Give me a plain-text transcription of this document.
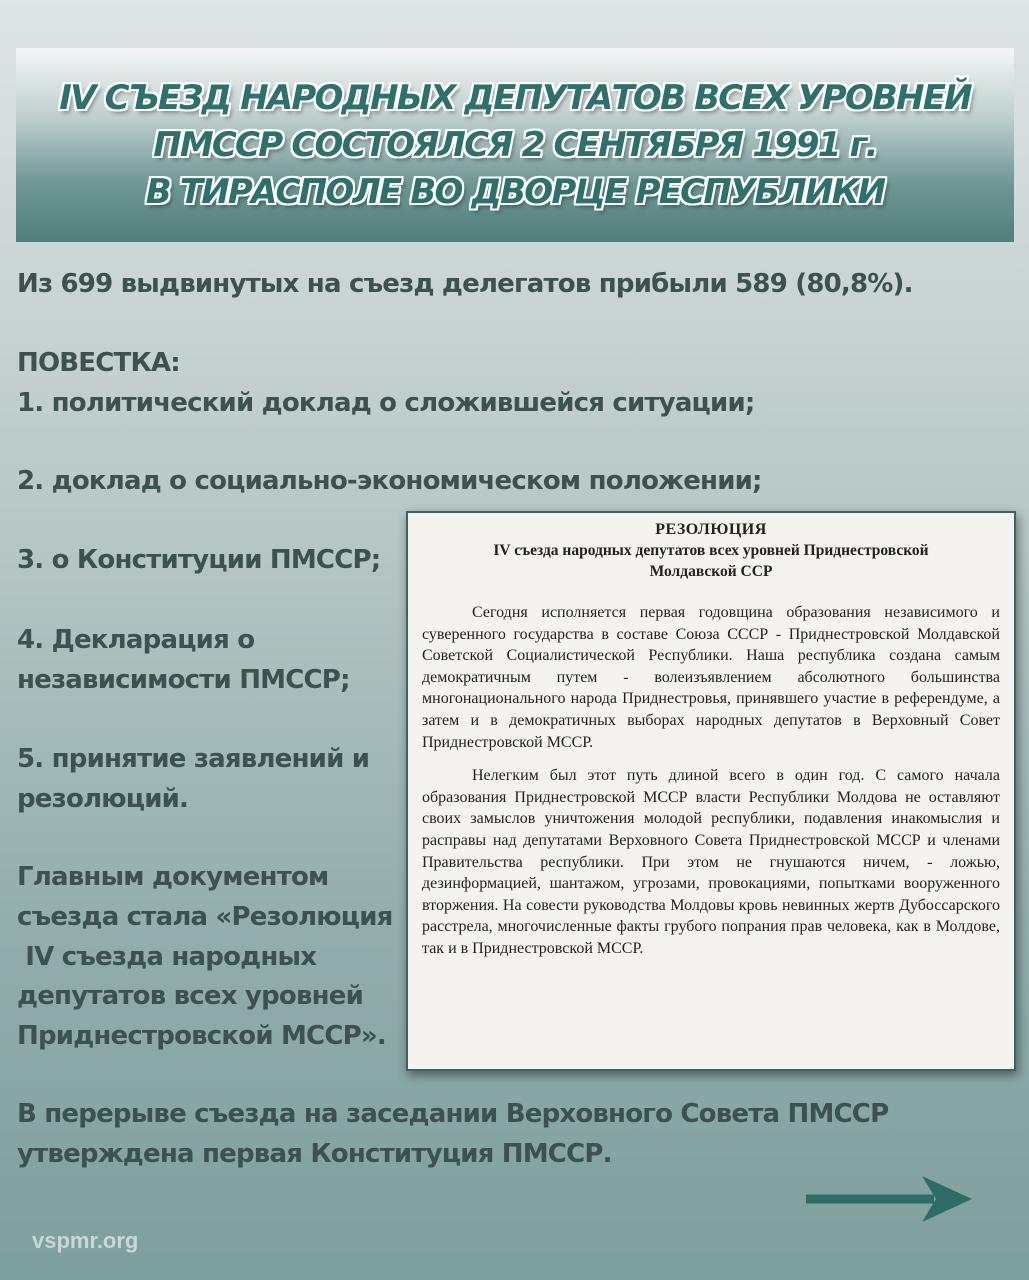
IV СЪЕЗД НАРОДНЫХ ДЕПУТАТОВ ВСЕХ УРОВНЕЙ
ПМССР СОСТОЯЛСЯ 2 СЕНТЯБРЯ 1991 г.
В ТИРАСПОЛЕ ВО ДВОРЦЕ РЕСПУБЛИКИ

Из 699 выдвинутых на съезд делегатов прибыли 589 (80,8%).

ПОВЕСТКА:

1. политический доклад о сложившейся ситуации;

2. доклад о социально-экономическом положении;

3. о Конституции ПМССР;

4. Декларация о

независимости ПМССР;

5. принятие заявлений и

резолюций.

Главным документом

съезда стала «Резолюция

IV съезда народных

депутатов всех уровней

Приднестровской МССР».

РЕЗОЛЮЦИЯ
IV съезда народных депутатов всех уровней Приднестровской
Молдавской ССР

Сегодня исполняется первая годовщина образования независимого и суверенного государства в составе Союза СССР - Приднестровской Молдавской Советской Социалистической Республики. Наша республика создана самым демократичным путем - волеизъявлением абсолютного большинства многонационального народа Приднестровья, принявшего участие в референдуме, а затем и в демократичных выборах народных депутатов в Верховный Совет Приднестровской МССР.

Нелегким был этот путь длиной всего в один год. С самого начала образования Приднестровской МССР власти Республики Молдова не оставляют своих замыслов уничтожения молодой республики, подавления инакомыслия и расправы над депутатами Верховного Совета Приднестровской МССР и членами Правительства республики. При этом не гнушаются ничем, - ложью, дезинформацией, шантажом, угрозами, провокациями, попытками вооруженного вторжения. На совести руководства Молдовы кровь невинных жертв Дубоссарского расстрела, многочисленные факты грубого попрания прав человека, как в Молдове, так и в Приднестровской МССР.

В перерыве съезда на заседании Верховного Совета ПМССР

утверждена первая Конституция ПМССР.

vspmr.org
